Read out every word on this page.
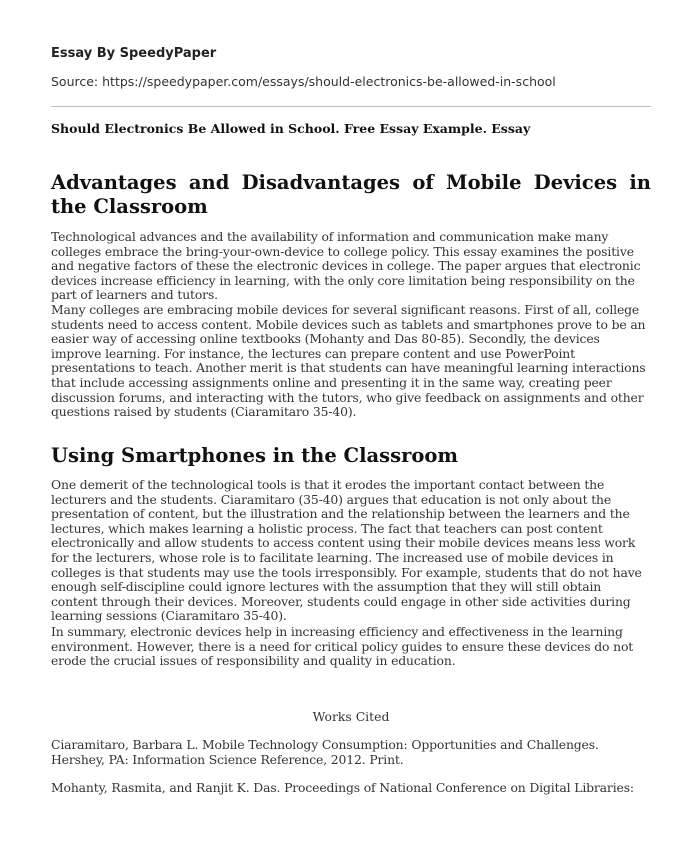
Essay By SpeedyPaper
Source: https://speedypaper.com/essays/should-electronics-be-allowed-in-school
Should Electronics Be Allowed in School. Free Essay Example. Essay
Advantages and Disadvantages of Mobile Devices in the Classroom

Technological advances and the availability of information and communication make many colleges embrace the bring-your-own-device to college policy. This essay examines the positive and negative factors of these the electronic devices in college. The paper argues that electronic devices increase efficiency in learning, with the only core limitation being responsibility on the part of learners and tutors.

Many colleges are embracing mobile devices for several significant reasons. First of all, college students need to access content. Mobile devices such as tablets and smartphones prove to be an easier way of accessing online textbooks (Mohanty and Das 80-85). Secondly, the devices improve learning. For instance, the lectures can prepare content and use PowerPoint presentations to teach. Another merit is that students can have meaningful learning interactions that include accessing assignments online and presenting it in the same way, creating peer discussion forums, and interacting with the tutors, who give feedback on assignments and other questions raised by students (Ciaramitaro 35-40).

Using Smartphones in the Classroom

One demerit of the technological tools is that it erodes the important contact between the lecturers and the students. Ciaramitaro (35-40) argues that education is not only about the presentation of content, but the illustration and the relationship between the learners and the lectures, which makes learning a holistic process. The fact that teachers can post content electronically and allow students to access content using their mobile devices means less work for the lecturers, whose role is to facilitate learning. The increased use of mobile devices in colleges is that students may use the tools irresponsibly. For example, students that do not have enough self-discipline could ignore lectures with the assumption that they will still obtain content through their devices. Moreover, students could engage in other side activities during learning sessions (Ciaramitaro 35-40).

In summary, electronic devices help in increasing efficiency and effectiveness in the learning environment. However, there is a need for critical policy guides to ensure these devices do not erode the crucial issues of responsibility and quality in education.

Works Cited

Ciaramitaro, Barbara L. Mobile Technology Consumption: Opportunities and Challenges. Hershey, PA: Information Science Reference, 2012. Print.

Mohanty, Rasmita, and Ranjit K. Das. Proceedings of National Conference on Digital Libraries:
